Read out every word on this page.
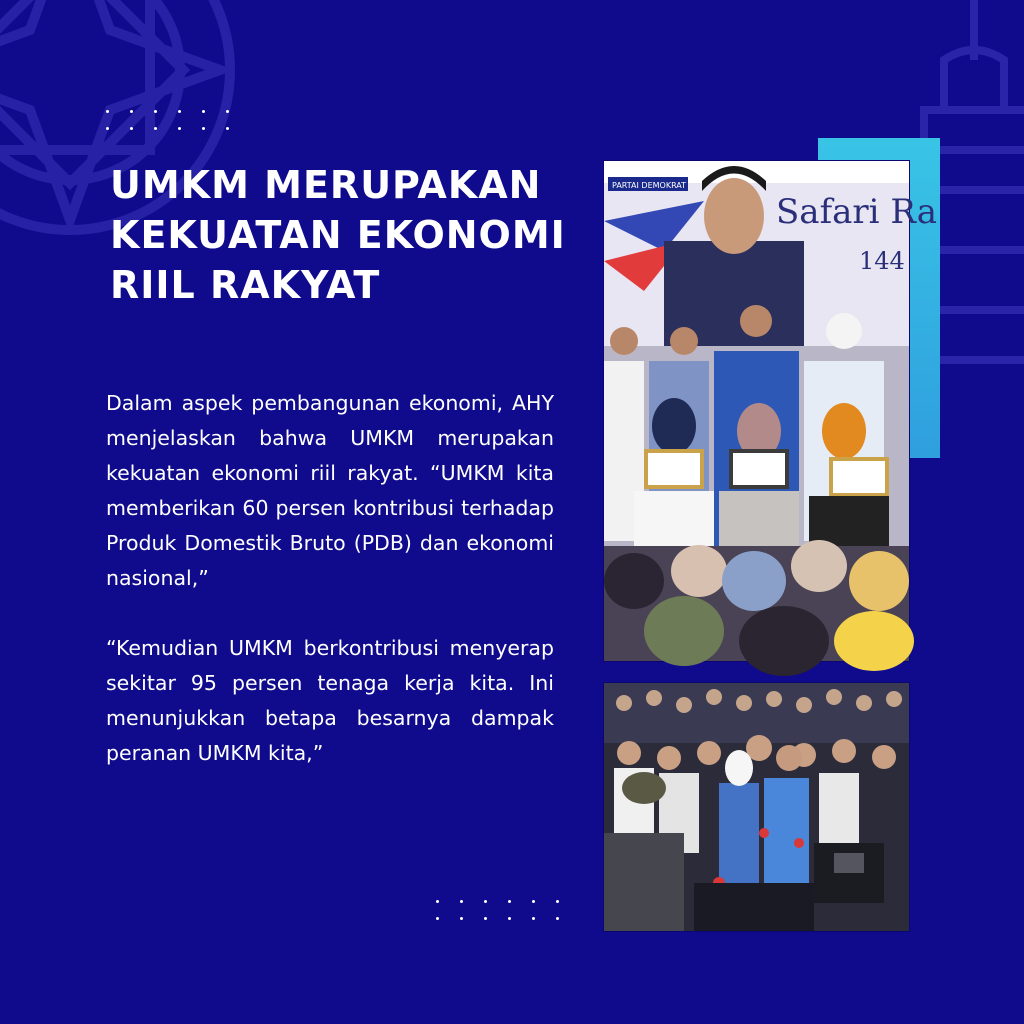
UMKM MERUPAKAN KEKUATAN EKONOMI RIIL RAKYAT

Dalam aspek pembangunan ekonomi, AHY menjelaskan bahwa UMKM merupakan kekuatan ekonomi riil rakyat. “UMKM kita memberikan 60 persen kontribusi terhadap Produk Domestik Bruto (PDB) dan ekonomi nasional,”

“Kemudian UMKM berkontribusi menyerap sekitar 95 persen tenaga kerja kita. Ini menunjukkan betapa besarnya dampak peranan UMKM kita,”

PARTAI DEMOKRAT
Safari Ra
144
